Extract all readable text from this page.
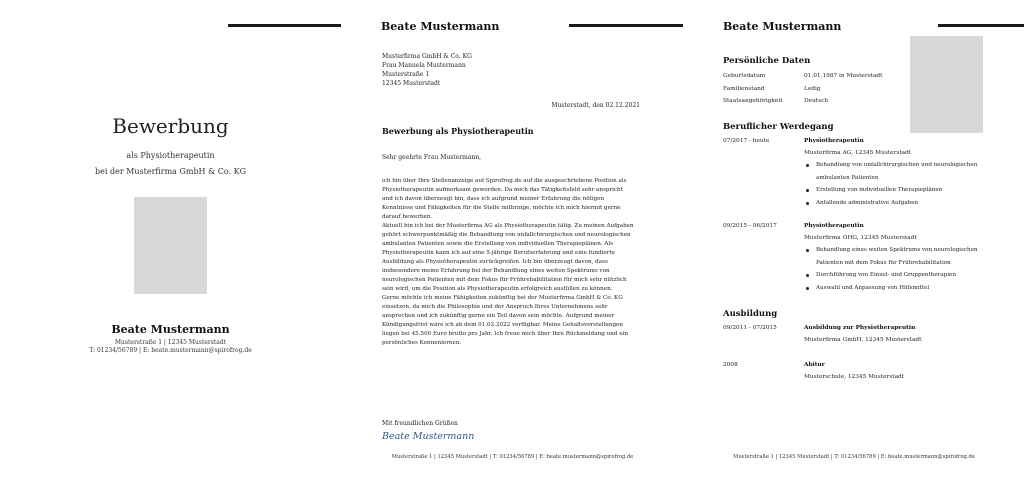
Bewerbung
als Physiotherapeutin
bei der Musterfirma GmbH & Co. KG
Beate Mustermann
Musterstraße 1 | 12345 Musterstadt
T: 01234/56789 | E: beate.mustermann@spirofrog.de
Beate Mustermann
Musterfirma GmbH & Co. KG
Frau Manuela Mustermann
Musterstraße 1
12345 Musterstadt
Musterstadt, den 02.12.2021
Bewerbung als Physiotherapeutin
Sehr geehrte Frau Mustermann,

ich bin über Ihre Stellenanzeige auf Spirofrog.de auf die ausgeschriebene Position als

Physiotherapeutin aufmerksam geworden. Da mich das Tätigkeitsfeld sehr anspricht

und ich davon überzeugt bin, dass ich aufgrund meiner Erfahrung die nötigen

Kenntnisse und Fähigkeiten für die Stelle mitbringe, möchte ich mich hiermit gerne

darauf bewerben.

Aktuell bin ich bei der Musterfirma AG als Physiotherapeutin tätig. Zu meinen Aufgaben

gehört schwerpunktmäßig die Behandlung von unfallchirurgischen und neurologischen

ambulanten Patienten sowie die Erstellung von individuellen Therapieplänen. Als

Physiotherapeutin kann ich auf eine 5-jährige Berufserfahrung und eine fundierte

Ausbildung als Physiotherapeutin zurückgreifen. Ich bin überzeugt davon, dass

insbesondere meine Erfahrung bei der Behandlung eines weiten Spektrums von

neurologischen Patienten mit dem Fokus für Frührehabilitation für mich sehr nützlich

sein wird, um die Position als Physiotherapeutin erfolgreich ausfüllen zu können.

Gerne möchte ich meine Fähigkeiten zukünftig bei der Musterfirma GmbH & Co. KG

einsetzen, da mich die Philosophie und der Anspruch Ihres Unternehmens sehr

ansprechen und ich zukünftig gerne ein Teil davon sein möchte. Aufgrund meiner

Kündigungsfrist wäre ich ab dem 01.02.2022 verfügbar. Meine Gehaltsvorstellungen

liegen bei 45.500 Euro brutto pro Jahr. Ich freue mich über Ihre Rückmeldung und ein

persönliches Kennenlernen.

Mit freundlichen Grüßen
Beate Mustermann
Musterstraße 1 | 12345 Musterstadt | T: 01234/56789 | E: beate.mustermann@spirofrog.de
Beate Mustermann
Persönliche Daten
Geburtsdatum	01.01.1987 in Musterstadt
Familienstand	Ledig
Staatsangehörigkeit	Deutsch
Beruflicher Werdegang
07/2017 - heute	Physiotherapeutin
Musterfirma AG, 12345 Musterstadt
Behandlung von unfallchirurgischen und neurologischen
ambulanten Patienten
Erstellung von individuellen Therapieplänen
Anfallende administrative Aufgaben
09/2015 - 06/2017	Physiotherapeutin
Musterfirma OHG, 12345 Musterstadt
Behandlung eines weiten Spektrums von neurologischen
Patienten mit dem Fokus für Frührehabilitation
Durchführung von Einzel- und Gruppentherapien
Auswahl und Anpassung von Hilfsmittel
Ausbildung
09/2011 - 07/2015	Ausbildung zur Physiotherapeutin
Musterfirma GmbH, 12345 Musterstadt
2008	Abitur
Musterschule, 12345 Musterstadt
Musterstraße 1 | 12345 Musterstadt | T: 01234/56789 | E: beate.mustermann@spirofrog.de
